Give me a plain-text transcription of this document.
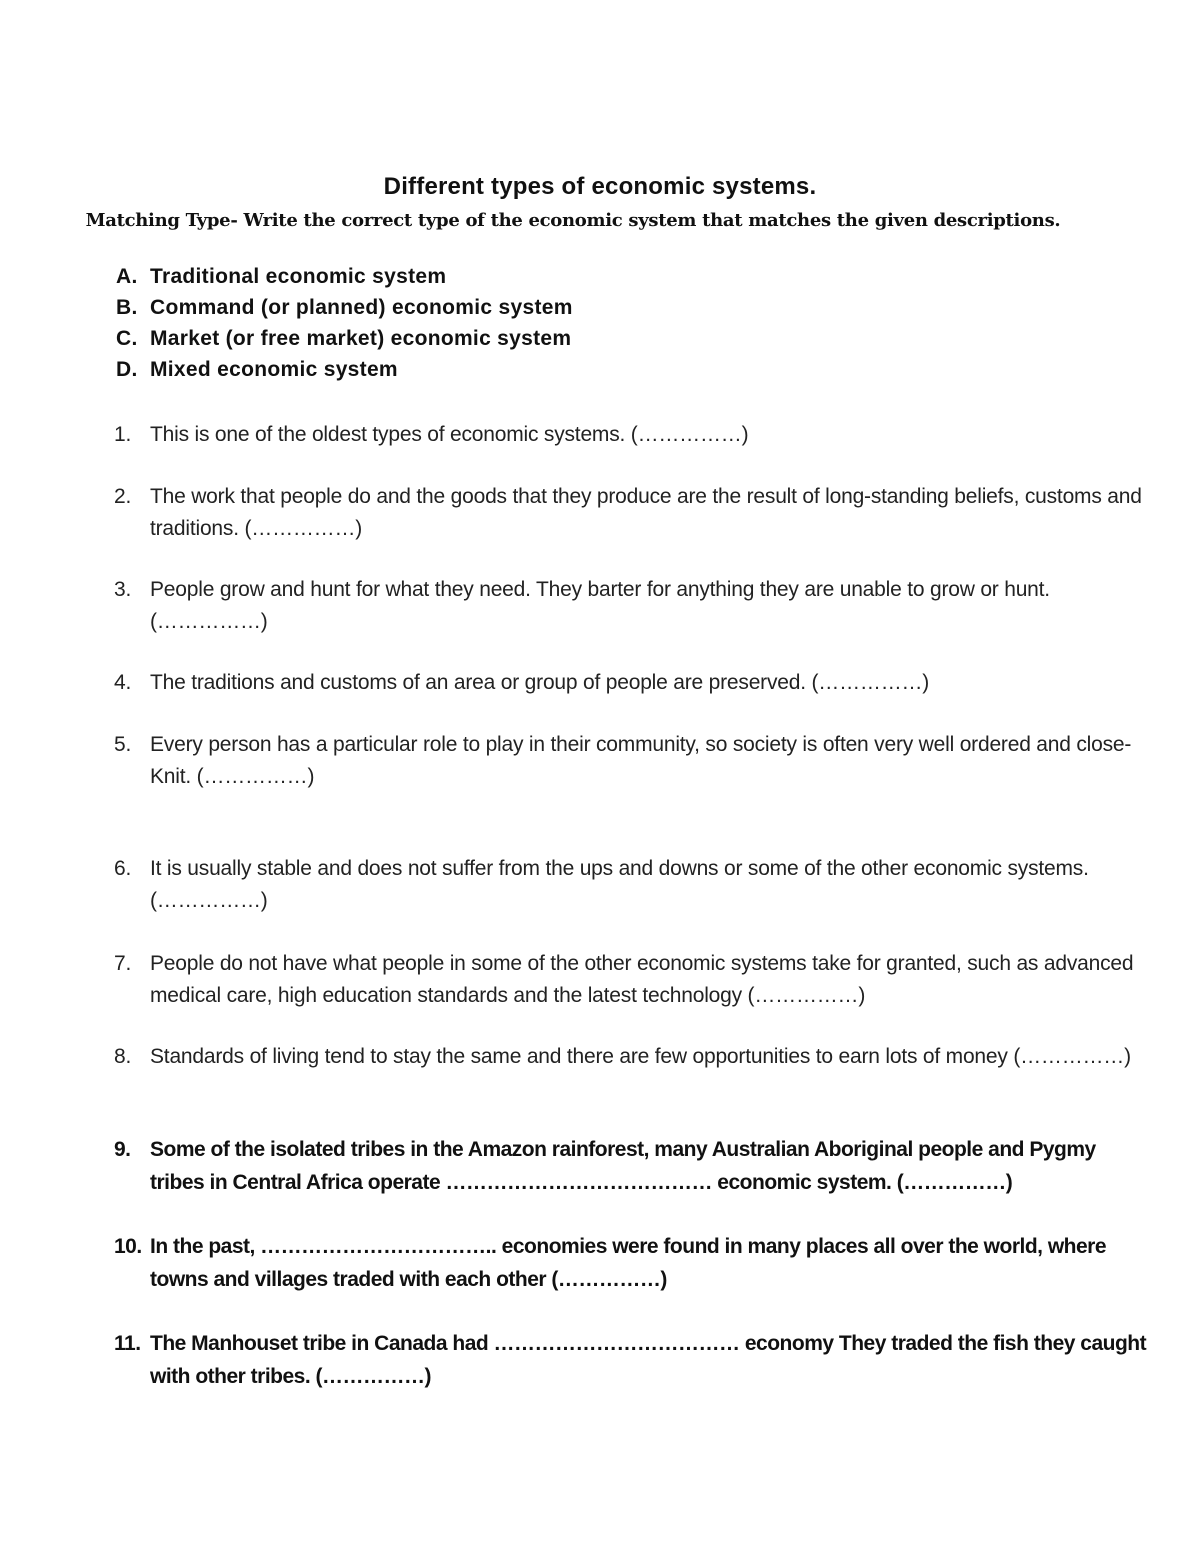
Different types of economic systems.
Matching Type- Write the correct type of the economic system that matches the given descriptions.
A. Traditional economic system
B. Command (or planned) economic system
C. Market (or free market) economic system
D. Mixed economic system
1. This is one of the oldest types of economic systems. (……………)
2. The work that people do and the goods that they produce are the result of long-standing beliefs, customs and traditions. (……………)
3. People grow and hunt for what they need. They barter for anything they are unable to grow or hunt. (……………)
4. The traditions and customs of an area or group of people are preserved. (……………)
5. Every person has a particular role to play in their community, so society is often very well ordered and close-Knit. (……………)
6. It is usually stable and does not suffer from the ups and downs or some of the other economic systems. (……………)
7. People do not have what people in some of the other economic systems take for granted, such as advanced medical care, high education standards and the latest technology (……………)
8. Standards of living tend to stay the same and there are few opportunities to earn lots of money (……………)
9. Some of the isolated tribes in the Amazon rainforest, many Australian Aboriginal people and Pygmy tribes in Central Africa operate ………………………………… economic system. (……………)
10. In the past, …………………………….. economies were found in many places all over the world, where towns and villages traded with each other (……………)
11. The Manhouset tribe in Canada had ……………………………… economy They traded the fish they caught with other tribes. (……………)
